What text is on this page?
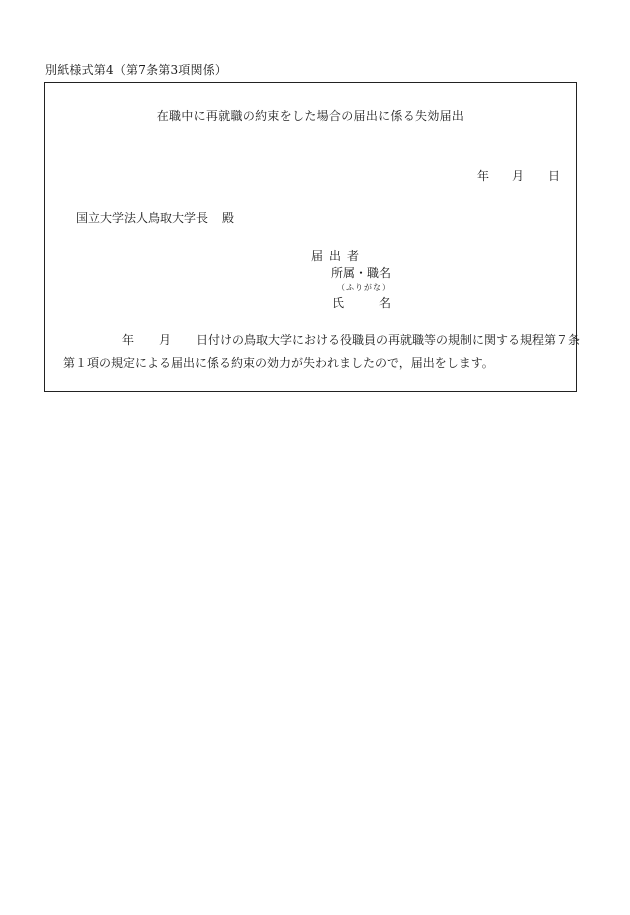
別紙様式第4（第7条第3項関係）
在職中に再就職の約束をした場合の届出に係る失効届出
年 月 日
国立大学法人鳥取大学長 殿
届出者
所属・職名
（ふりがな）
氏	名
年 月 日付けの鳥取大学における役職員の再就職等の規制に関する規程第７条
第１項の規定による届出に係る約束の効力が失われましたので，届出をします。
